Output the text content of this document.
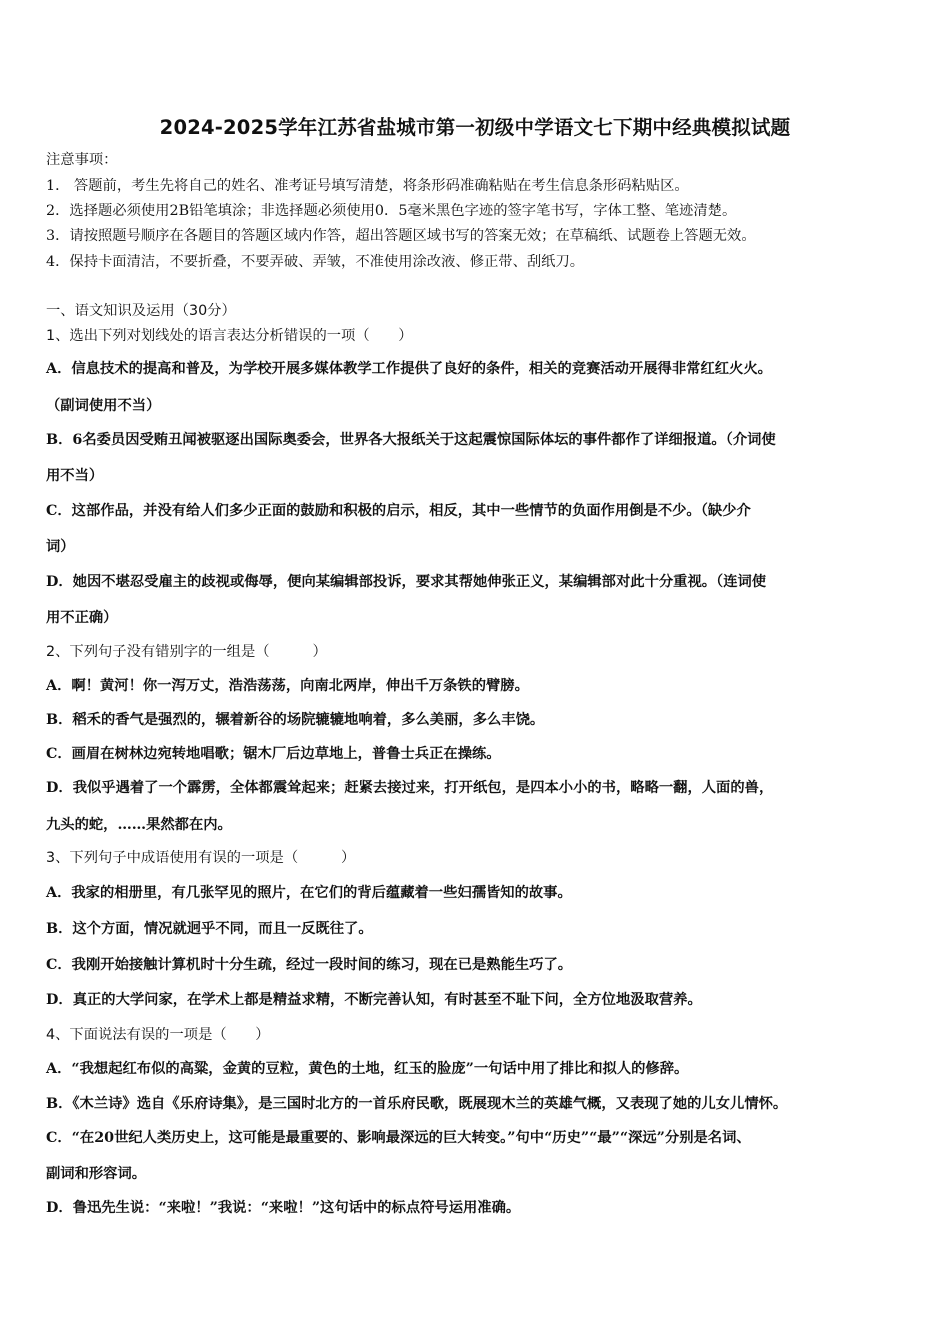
2024-2025学年江苏省盐城市第一初级中学语文七下期中经典模拟试题
注意事项：
1． 答题前，考生先将自己的姓名、准考证号填写清楚，将条形码准确粘贴在考生信息条形码粘贴区。
2．选择题必须使用2B铅笔填涂；非选择题必须使用0．5毫米黑色字迹的签字笔书写，字体工整、笔迹清楚。
3．请按照题号顺序在各题目的答题区域内作答，超出答题区域书写的答案无效；在草稿纸、试题卷上答题无效。
4．保持卡面清洁，不要折叠，不要弄破、弄皱，不准使用涂改液、修正带、刮纸刀。
一、语文知识及运用（30分）
1、选出下列对划线处的语言表达分析错误的一项（　　）
A．信息技术的提高和普及，为学校开展多媒体教学工作提供了良好的条件，相关的竞赛活动开展得非常红红火火。
（副词使用不当）
B．6名委员因受贿丑闻被驱逐出国际奥委会，世界各大报纸关于这起震惊国际体坛的事件都作了详细报道。（介词使
用不当）
C．这部作品，并没有给人们多少正面的鼓励和积极的启示，相反，其中一些情节的负面作用倒是不少。（缺少介
词）
D．她因不堪忍受雇主的歧视或侮辱，便向某编辑部投诉，要求其帮她伸张正义，某编辑部对此十分重视。（连词使
用不正确）
2、下列句子没有错别字的一组是（　　　）
A．啊！黄河！你一泻万丈，浩浩荡荡，向南北两岸，伸出千万条铁的臂膀。
B．稻禾的香气是强烈的，辗着新谷的场院辘辘地响着，多么美丽，多么丰饶。
C．画眉在树林边宛转地唱歌；锯木厂后边草地上，普鲁士兵正在操练。
D．我似乎遇着了一个霹雳，全体都震耸起来；赶紧去接过来，打开纸包，是四本小小的书，略略一翻，人面的兽，
九头的蛇，……果然都在内。
3、下列句子中成语使用有误的一项是（　　　）
A．我家的相册里，有几张罕见的照片，在它们的背后蕴藏着一些妇孺皆知的故事。
B．这个方面，情况就迥乎不同，而且一反既往了。
C．我刚开始接触计算机时十分生疏，经过一段时间的练习，现在已是熟能生巧了。
D．真正的大学问家，在学术上都是精益求精，不断完善认知，有时甚至不耻下问，全方位地汲取营养。
4、下面说法有误的一项是（　　）
A．“我想起红布似的高粱，金黄的豆粒，黄色的土地，红玉的脸庞”一句话中用了排比和拟人的修辞。
B．《木兰诗》选自《乐府诗集》，是三国时北方的一首乐府民歌，既展现木兰的英雄气概，又表现了她的儿女儿情怀。
C．“在20世纪人类历史上，这可能是最重要的、影响最深远的巨大转变。”句中“历史”“最”“深远”分别是名词、
副词和形容词。
D．鲁迅先生说：“来啦！”我说：“来啦！”这句话中的标点符号运用准确。
